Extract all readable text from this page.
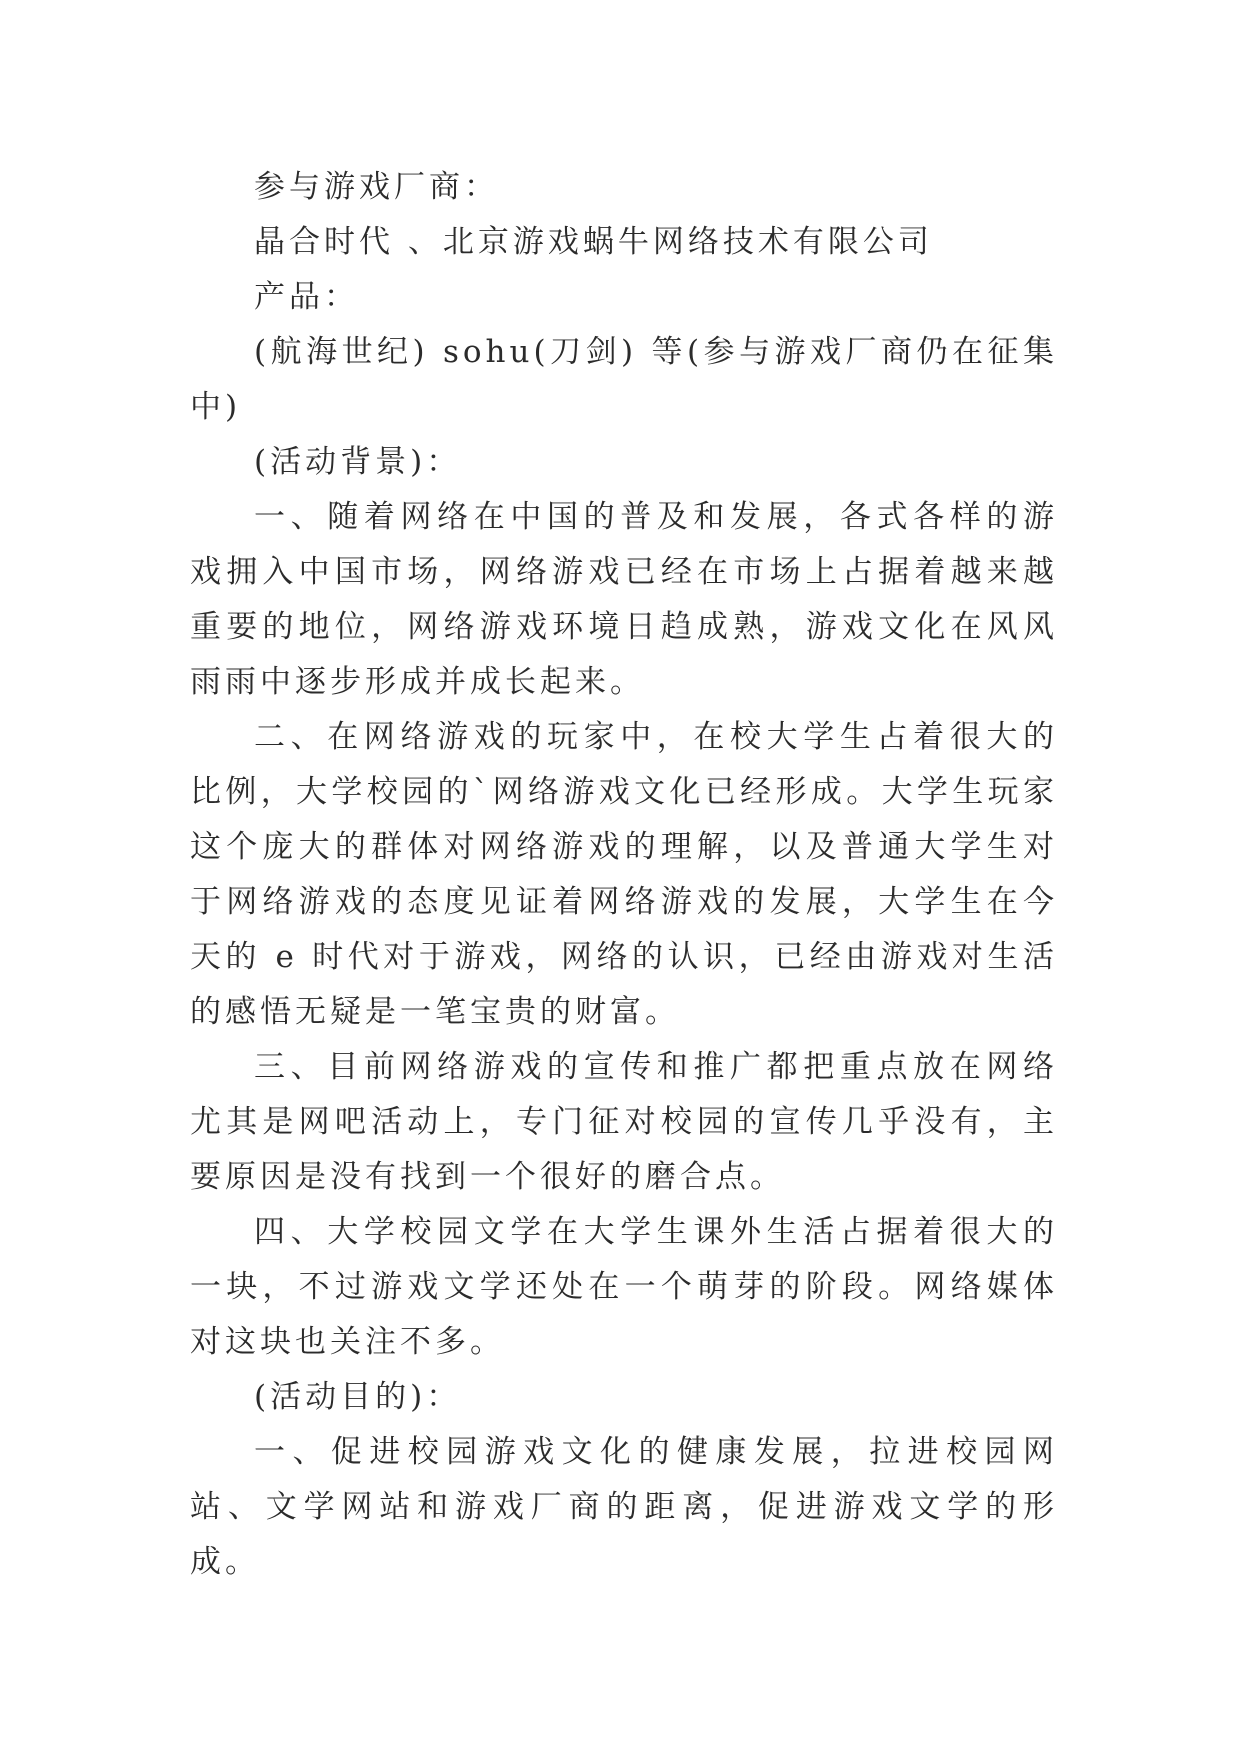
参与游戏厂商：

晶合时代 、北京游戏蜗牛网络技术有限公司

产品：

(航海世纪) sohu(刀剑) 等(参与游戏厂商仍在征集中)

(活动背景)：

一、随着网络在中国的普及和发展，各式各样的游戏拥入中国市场，网络游戏已经在市场上占据着越来越重要的地位，网络游戏环境日趋成熟，游戏文化在风风雨雨中逐步形成并成长起来。

二、在网络游戏的玩家中，在校大学生占着很大的比例，大学校园的`网络游戏文化已经形成。大学生玩家这个庞大的群体对网络游戏的理解，以及普通大学生对于网络游戏的态度见证着网络游戏的发展，大学生在今天的 e 时代对于游戏，网络的认识，已经由游戏对生活的感悟无疑是一笔宝贵的财富。

三、目前网络游戏的宣传和推广都把重点放在网络尤其是网吧活动上，专门征对校园的宣传几乎没有，主要原因是没有找到一个很好的磨合点。

四、大学校园文学在大学生课外生活占据着很大的一块，不过游戏文学还处在一个萌芽的阶段。网络媒体对这块也关注不多。

(活动目的)：

一、促进校园游戏文化的健康发展，拉进校园网站、文学网站和游戏厂商的距离，促进游戏文学的形成。
